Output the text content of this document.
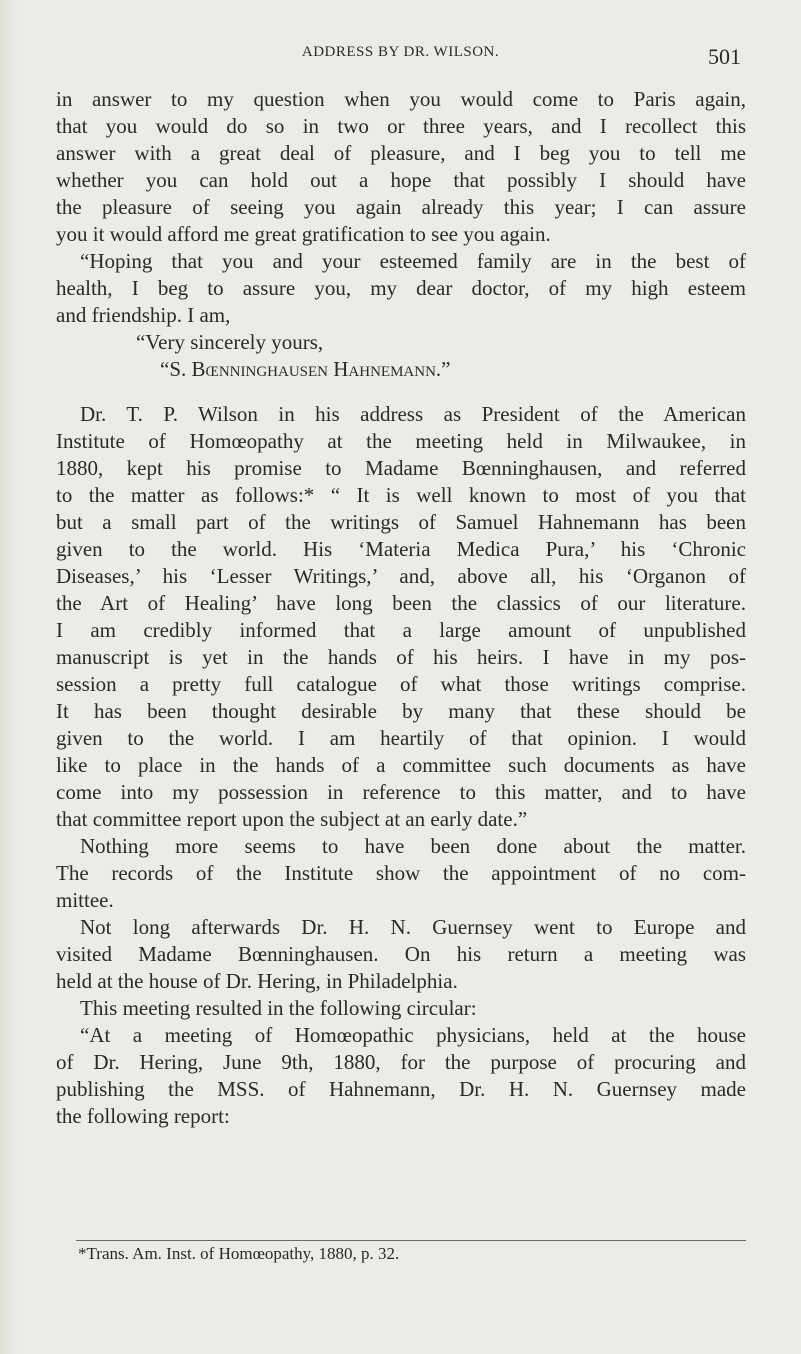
ADDRESS BY DR. WILSON.	501
in answer to my question when you would come to Paris again,
that you would do so in two or three years, and I recollect this
answer with a great deal of pleasure, and I beg you to tell me
whether you can hold out a hope that possibly I should have
the pleasure of seeing you again already this year; I can assure
you it would afford me great gratification to see you again.
“Hoping that you and your esteemed family are in the best of
health, I beg to assure you, my dear doctor, of my high esteem
and friendship. I am,
“Very sincerely yours,
“S. Bœnninghausen Hahnemann.”
Dr. T. P. Wilson in his address as President of the American
Institute of Homœopathy at the meeting held in Milwaukee, in
1880, kept his promise to Madame Bœnninghausen, and referred
to the matter as follows:* “ It is well known to most of you that
but a small part of the writings of Samuel Hahnemann has been
given to the world. His ‘Materia Medica Pura,’ his ‘Chronic
Diseases,’ his ‘Lesser Writings,’ and, above all, his ‘Organon of
the Art of Healing’ have long been the classics of our literature.
I am credibly informed that a large amount of unpublished
manuscript is yet in the hands of his heirs. I have in my pos-
session a pretty full catalogue of what those writings comprise.
It has been thought desirable by many that these should be
given to the world. I am heartily of that opinion. I would
like to place in the hands of a committee such documents as have
come into my possession in reference to this matter, and to have
that committee report upon the subject at an early date.”
Nothing more seems to have been done about the matter.
The records of the Institute show the appointment of no com-
mittee.
Not long afterwards Dr. H. N. Guernsey went to Europe and
visited Madame Bœnninghausen. On his return a meeting was
held at the house of Dr. Hering, in Philadelphia.
This meeting resulted in the following circular:
“At a meeting of Homœopathic physicians, held at the house
of Dr. Hering, June 9th, 1880, for the purpose of procuring and
publishing the MSS. of Hahnemann, Dr. H. N. Guernsey made
the following report:
*Trans. Am. Inst. of Homœopathy, 1880, p. 32.
